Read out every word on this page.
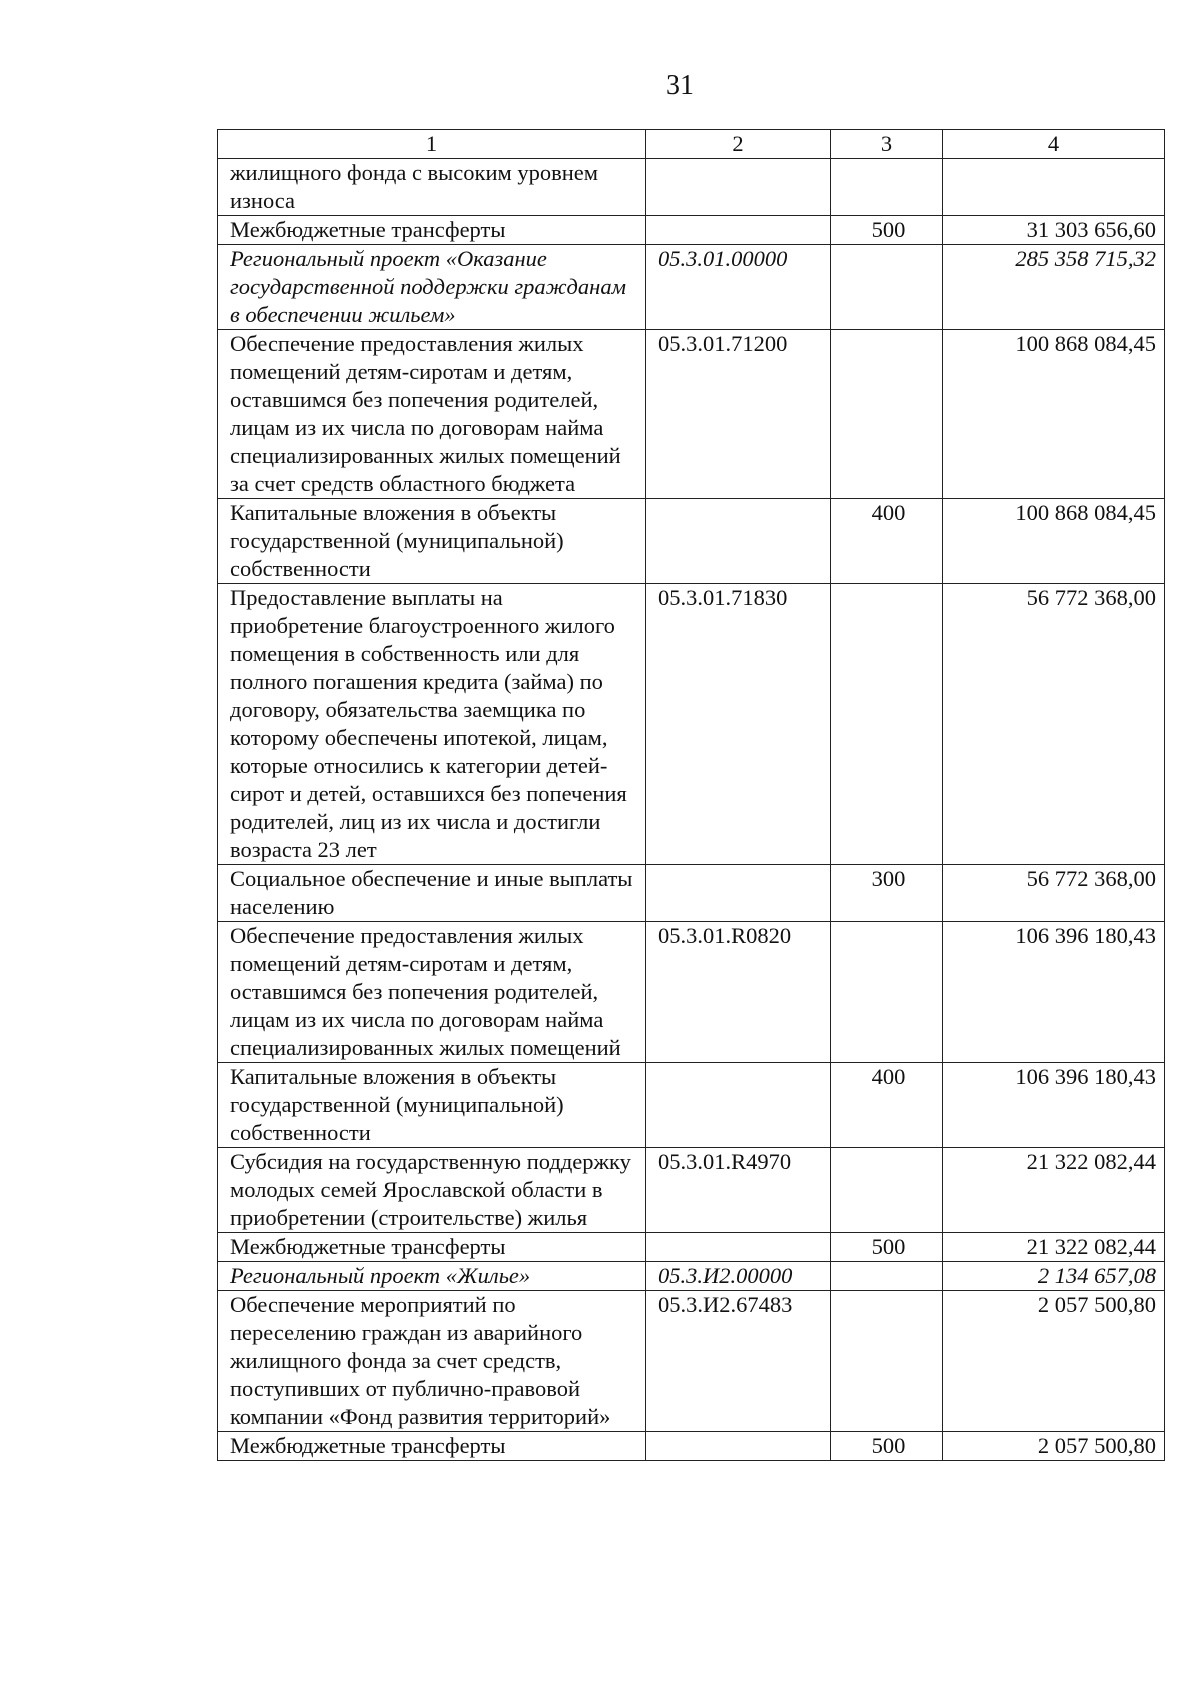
31
1	2	3	4
жилищного фонда с высоким уровнем износа			
Межбюджетные трансферты		500	31 303 656,60
Региональный проект «Оказание государственной поддержки гражданам в обеспечении жильем»	05.3.01.00000		285 358 715,32
Обеспечение предоставления жилых помещений детям-сиротам и детям, оставшимся без попечения родителей, лицам из их числа по договорам найма специализированных жилых помещений за счет средств областного бюджета	05.3.01.71200		100 868 084,45
Капитальные вложения в объекты государственной (муниципальной) собственности		400	100 868 084,45
Предоставление выплаты на приобретение благоустроенного жилого помещения в собственность или для полного погашения кредита (займа) по договору, обязательства заемщика по которому обеспечены ипотекой, лицам, которые относились к категории детей-сирот и детей, оставшихся без попечения родителей, лиц из их числа и достигли возраста 23 лет	05.3.01.71830		56 772 368,00
Социальное обеспечение и иные выплаты населению		300	56 772 368,00
Обеспечение предоставления жилых помещений детям-сиротам и детям, оставшимся без попечения родителей, лицам из их числа по договорам найма специализированных жилых помещений	05.3.01.R0820		106 396 180,43
Капитальные вложения в объекты государственной (муниципальной) собственности		400	106 396 180,43
Субсидия на государственную поддержку молодых семей Ярославской области в приобретении (строительстве) жилья	05.3.01.R4970		21 322 082,44
Межбюджетные трансферты		500	21 322 082,44
Региональный проект «Жилье»	05.3.И2.00000		2 134 657,08
Обеспечение мероприятий по переселению граждан из аварийного жилищного фонда за счет средств, поступивших от публично-правовой компании «Фонд развития территорий»	05.3.И2.67483		2 057 500,80
Межбюджетные трансферты		500	2 057 500,80
